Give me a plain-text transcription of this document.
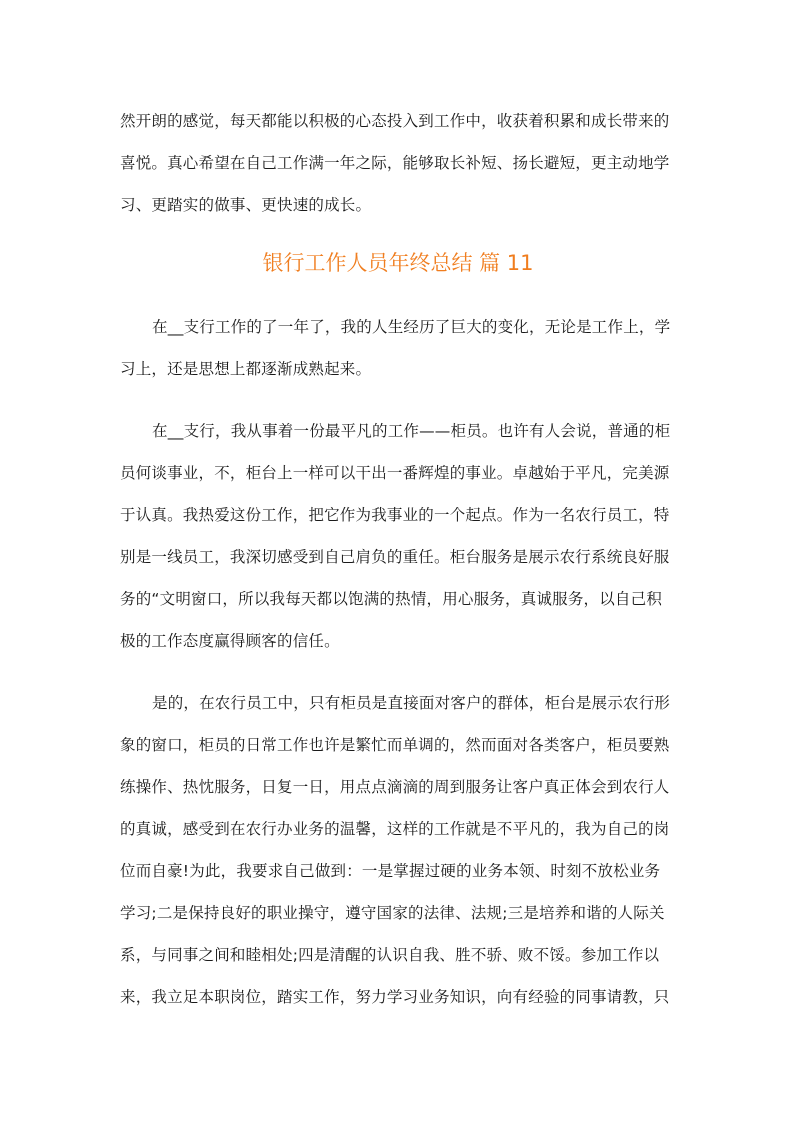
然开朗的感觉，每天都能以积极的心态投入到工作中，收获着积累和成长带来的
喜悦。真心希望在自己工作满一年之际，能够取长补短、扬长避短，更主动地学
习、更踏实的做事、更快速的成长。

银行工作人员年终总结 篇 11

在__支行工作的了一年了，我的人生经历了巨大的变化，无论是工作上，学
习上，还是思想上都逐渐成熟起来。

在__支行，我从事着一份最平凡的工作——柜员。也许有人会说，普通的柜
员何谈事业，不，柜台上一样可以干出一番辉煌的事业。卓越始于平凡，完美源
于认真。我热爱这份工作，把它作为我事业的一个起点。作为一名农行员工，特
别是一线员工，我深切感受到自己肩负的重任。柜台服务是展示农行系统良好服
务的“文明窗口，所以我每天都以饱满的热情，用心服务，真诚服务，以自己积
极的工作态度赢得顾客的信任。

是的，在农行员工中，只有柜员是直接面对客户的群体，柜台是展示农行形
象的窗口，柜员的日常工作也许是繁忙而单调的，然而面对各类客户，柜员要熟
练操作、热忱服务，日复一日，用点点滴滴的周到服务让客户真正体会到农行人
的真诚，感受到在农行办业务的温馨，这样的工作就是不平凡的，我为自己的岗
位而自豪!为此，我要求自己做到：一是掌握过硬的业务本领、时刻不放松业务
学习;二是保持良好的职业操守，遵守国家的法律、法规;三是培养和谐的人际关
系，与同事之间和睦相处;四是清醒的认识自我、胜不骄、败不馁。参加工作以
来，我立足本职岗位，踏实工作，努力学习业务知识，向有经验的同事请教，只
